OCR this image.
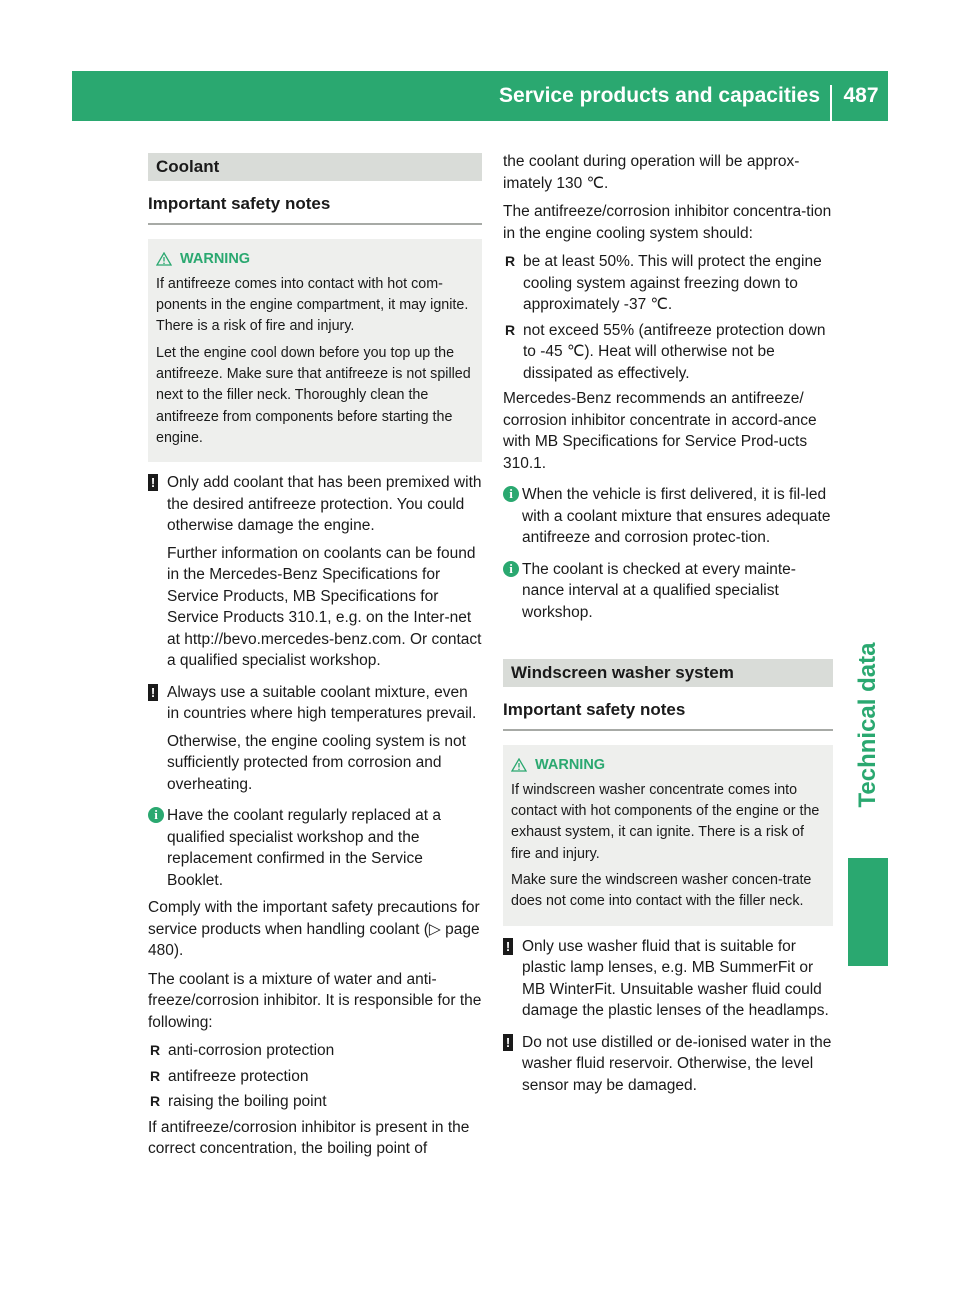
Service products and capacities	487
Technical data
Coolant
Important safety notes
WARNING

If antifreeze comes into contact with hot com-ponents in the engine compartment, it may ignite. There is a risk of fire and injury.

Let the engine cool down before you top up the antifreeze. Make sure that antifreeze is not spilled next to the filler neck. Thoroughly clean the antifreeze from components before starting the engine.

! Only add coolant that has been premixed with the desired antifreeze protection. You could otherwise damage the engine.

Further information on coolants can be found in the Mercedes-Benz Specifications for Service Products, MB Specifications for Service Products 310.1, e.g. on the Inter-net at http://bevo.mercedes-benz.com. Or contact a qualified specialist workshop.

! Always use a suitable coolant mixture, even in countries where high temperatures prevail.

Otherwise, the engine cooling system is not sufficiently protected from corrosion and overheating.

i Have the coolant regularly replaced at a qualified specialist workshop and the replacement confirmed in the Service Booklet.

Comply with the important safety precautions for service products when handling coolant (▷ page 480).

The coolant is a mixture of water and anti-freeze/corrosion inhibitor. It is responsible for the following:

R anti-corrosion protection
R antifreeze protection
R raising the boiling point

If antifreeze/corrosion inhibitor is present in the correct concentration, the boiling point of

the coolant during operation will be approx-imately 130 ℃.

The antifreeze/corrosion inhibitor concentra-tion in the engine cooling system should:

R be at least 50%. This will protect the engine cooling system against freezing down to approximately -37 ℃.
R not exceed 55% (antifreeze protection down to -45 ℃). Heat will otherwise not be dissipated as effectively.

Mercedes-Benz recommends an antifreeze/ corrosion inhibitor concentrate in accord-ance with MB Specifications for Service Prod-ucts 310.1.

i When the vehicle is first delivered, it is fil-led with a coolant mixture that ensures adequate antifreeze and corrosion protec-tion.

i The coolant is checked at every mainte-nance interval at a qualified specialist workshop.

Windscreen washer system
Important safety notes
WARNING

If windscreen washer concentrate comes into contact with hot components of the engine or the exhaust system, it can ignite. There is a risk of fire and injury.

Make sure the windscreen washer concen-trate does not come into contact with the filler neck.

! Only use washer fluid that is suitable for plastic lamp lenses, e.g. MB SummerFit or MB WinterFit. Unsuitable washer fluid could damage the plastic lenses of the headlamps.

! Do not use distilled or de-ionised water in the washer fluid reservoir. Otherwise, the level sensor may be damaged.
